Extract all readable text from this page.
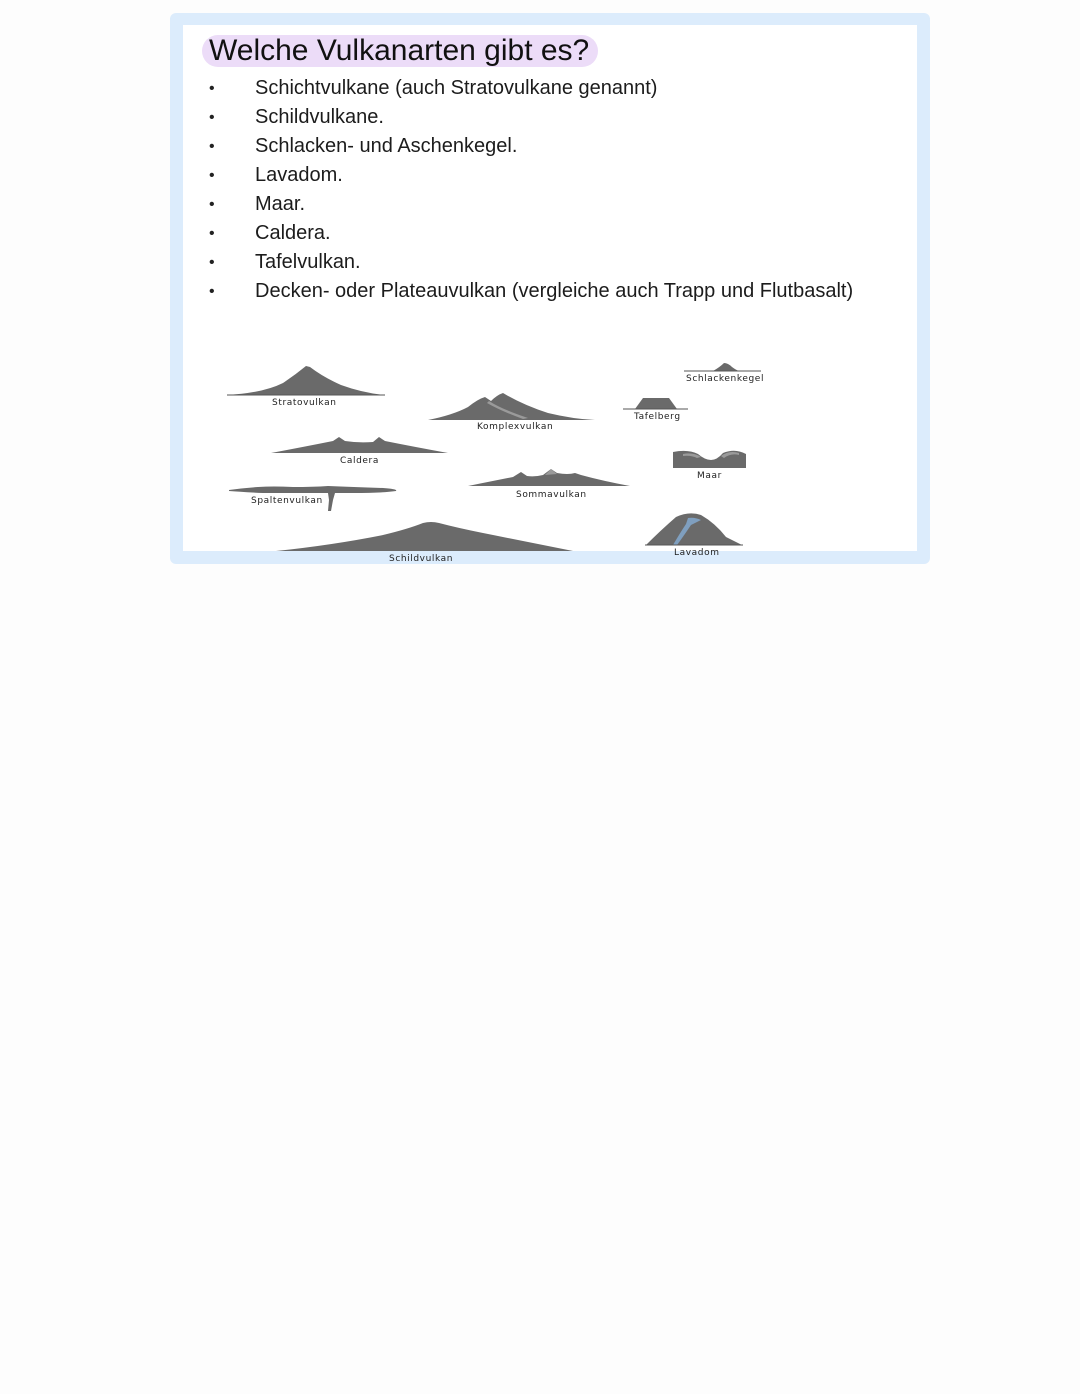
Welche Vulkanarten gibt es?
• Schichtvulkane (auch Stratovulkane genannt)
• Schildvulkane.
• Schlacken- und Aschenkegel.
• Lavadom.
• Maar.
• Caldera.
• Tafelvulkan.
• Decken- oder Plateauvulkan (vergleiche auch Trapp und Flutbasalt)
Stratovulkan
Komplexvulkan
Tafelberg
Schlackenkegel
Caldera
Maar
Spaltenvulkan
Sommavulkan
Schildvulkan
Lavadom
